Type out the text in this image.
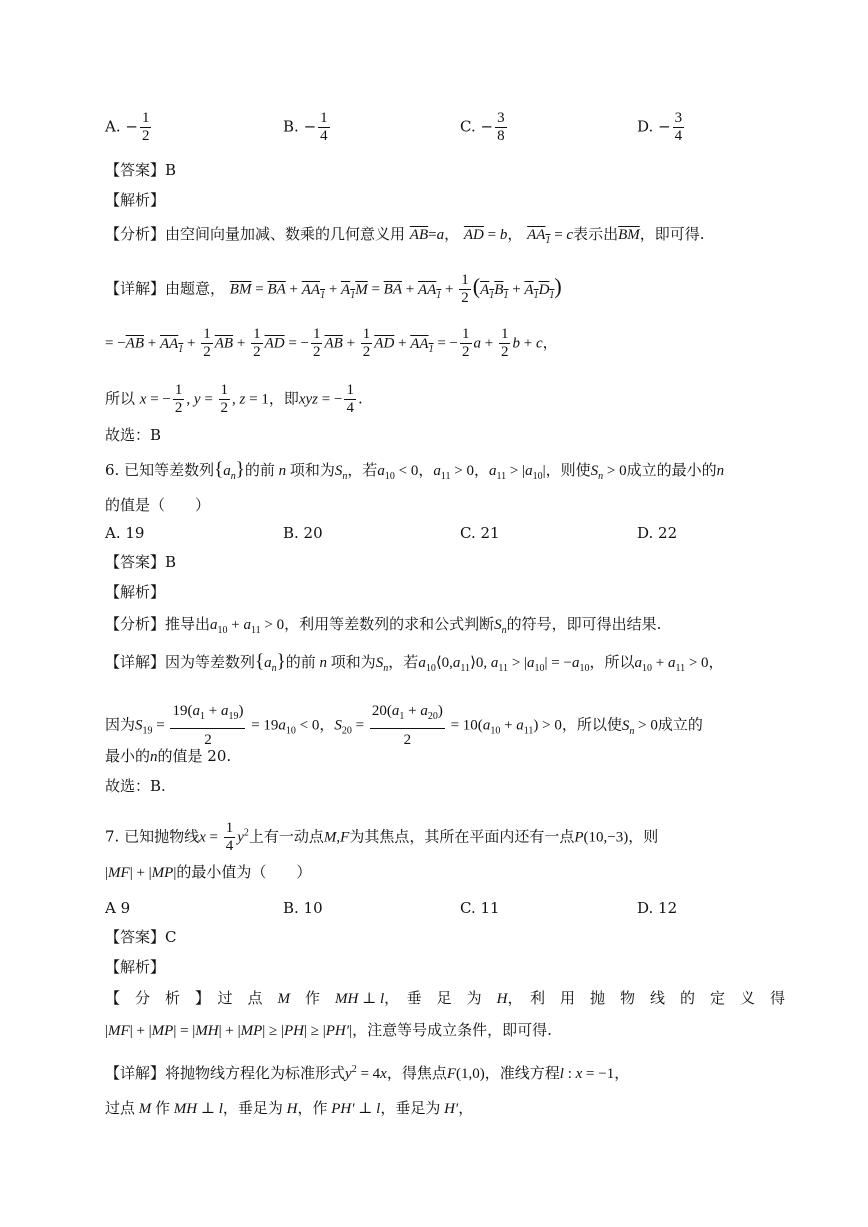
A. − $\frac{1}{2}$	B. − $\frac{1}{4}$	C. − $\frac{3}{8}$	D. − $\frac{3}{4}$
【答案】B
【解析】
【分析】由空间向量加减、数乘的几何意义用 $\overline{AB}=a$， $\overline{AD} = b$， $AA_1 = c$表示出$\overline{BM}$，即可得.
【详解】由题意， $\overline{BM} = \overline{BA} + AA_1 + A_1M = \overline{BA} + AA_1 + \frac{1}{2} (A_1B_1 + A_1D_1)$
= $-\overline{AB} + AA_1 + \frac{1}{2} \overline{AB} + \frac{1}{2} \overline{AD}$ = − $\frac{1}{2} \overline{AB} + \frac{1}{2} \overline{AD} + AA_1$ = − $\frac{1}{2}$ $a + \frac{1}{2}$ b + c，
所以 x = − $\frac{1}{2}$ , $y = \frac{1}{2}$ , z = 1，即xyz = − $\frac{1}{4}$ .
故选：B
6. 已知等差数列$\{a_n\}$的前 n 项和为$S_n$，若$a_{10} < 0$，$a_{11} > 0$，$a_{11} > |a_{10}|$，则使$S_n > 0$成立的最小的n
的值是（　　）
A. 19	B. 20	C. 21	D. 22
【答案】B
【解析】
【分析】推导出$a_{10} + a_{11} > 0$，利用等差数列的求和公式判断$S_n$的符号，即可得出结果.
【详解】因为等差数列$\{a_n\}$的前 n 项和为$S_n$，若$a_{10}⟨0,a_{11}⟩0$, $a_{11} > |a_{10}| = -a_{10}$，所以$a_{10} + a_{11} > 0$，
因为$S_{19} = \frac{19(a_1 + a_{19})}{2} = 19a_{10} < 0$，$S_{20} = \frac{20(a_1 + a_{20})}{2} = 10(a_{10} + a_{11}) > 0$，所以使$S_n > 0$成立的
最小的n的值是 20.
故选：B.
7. 已知抛物线$x = \frac{1}{4} y^2$上有一动点M,F为其焦点，其所在平面内还有一点P(10,−3)，则
|MF| + |MP|的最小值为（　　）
A 9	B. 10	C. 11	D. 12
【答案】C
【解析】
【　分　析　】　过　点　M　作　MH ⊥ l，　垂　足　为　H，　利　用　抛　物　线　的　定　义　得
|MF| + |MP| = |MH| + |MP| ≥ |PH| ≥ |PH′|，注意等号成立条件，即可得.
【详解】将抛物线方程化为标准形式$y^2 = 4x$，得焦点F(1,0)，准线方程l : x = −1，
过点 M 作 MH ⊥ l，垂足为 H，作 PH′ ⊥ l，垂足为 H′，
